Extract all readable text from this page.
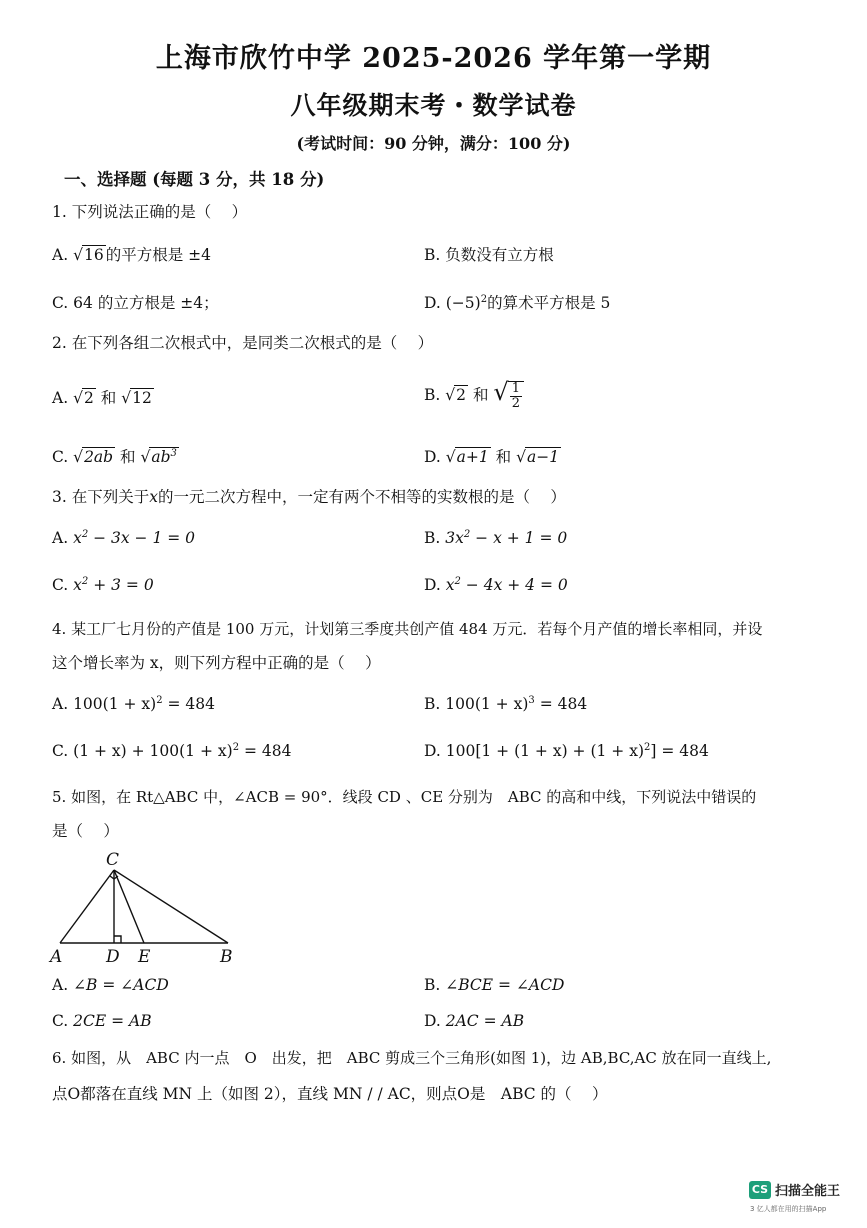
上海市欣竹中学 2025-2026 学年第一学期
八年级期末考・数学试卷
(考试时间：90 分钟，满分：100 分)
一、选择题 (每题 3 分，共 18 分)
1. 下列说法正确的是（　 ）
A. √16 的平方根是 ±4	B. 负数没有立方根
C. 64 的立方根是 ±4；	D. $(-5)^2$的算术平方根是 5
2. 在下列各组二次根式中，是同类二次根式的是（　 ）
A. √2 和 √12	B. √2 和 √ $\frac{1}{2}$
C. √2ab 和 $√ab^3$	D. √a+1 和 √a−1
3. 在下列关于x的一元二次方程中，一定有两个不相等的实数根的是（　 ）
A. $x^2 - 3x - 1 = 0$	B. $3x^2 - x + 1 = 0$
C. $x^2 + 3 = 0$	D. $x^2 - 4x + 4 = 0$
4. 某工厂七月份的产值是 100 万元，计划第三季度共创产值 484 万元．若每个月产值的增长率相同，并设
这个增长率为 x，则下列方程中正确的是（　 ）
A. $100(1 + x)^2 = 484$	B. $100(1 + x)^3 = 484$
C. $(1 + x) + 100(1 + x)^2 = 484$	D. $100[1 + (1 + x) + (1 + x)^2] = 484$
5. 如图，在 Rt△ABC 中，∠ACB = 90°．线段 CD 、CE 分别为　ABC 的高和中线，下列说法中错误的
是（　 ）
C
A	D E	B
A. ∠B = ∠ACD	B. ∠BCE = ∠ACD
C. 2CE = AB	D. 2AC = AB
6. 如图，从　ABC 内一点　O　出发，把　ABC 剪成三个三角形(如图 1)，边 AB,BC,AC 放在同一直线上,
点O都落在直线 MN 上（如图 2），直线 MN / / AC，则点O是　ABC 的（　 ）
CS 扫描全能王
3 亿人都在用的扫描App
